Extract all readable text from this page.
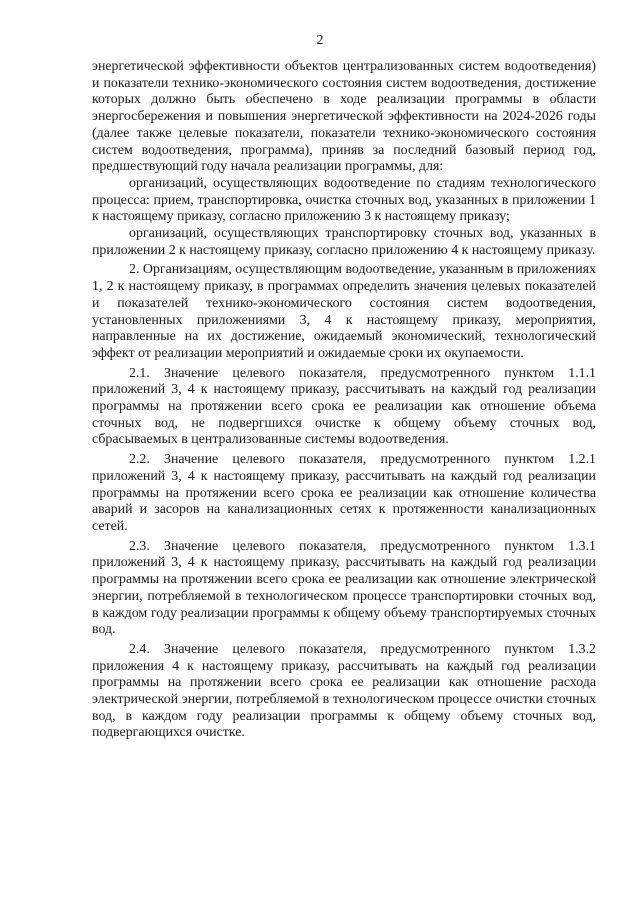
2

энергетической эффективности объектов централизованных систем водоотведения) и показатели технико-экономического состояния систем водоотведения, достижение которых должно быть обеспечено в ходе реализации программы в области энергосбережения и повышения энергетической эффективности на 2024-2026 годы (далее также целевые показатели, показатели технико-экономического состояния систем водоотведения, программа), приняв за последний базовый период год, предшествующий году начала реализации программы, для:

организаций, осуществляющих водоотведение по стадиям технологического процесса: прием, транспортировка, очистка сточных вод, указанных в приложении 1 к настоящему приказу, согласно приложению 3 к настоящему приказу;

организаций, осуществляющих транспортировку сточных вод, указанных в приложении 2 к настоящему приказу, согласно приложению 4 к настоящему приказу.

2. Организациям, осуществляющим водоотведение, указанным в приложениях 1, 2 к настоящему приказу, в программах определить значения целевых показателей и показателей технико-экономического состояния систем водоотведения, установленных приложениями 3, 4 к настоящему приказу, мероприятия, направленные на их достижение, ожидаемый экономический, технологический эффект от реализации мероприятий и ожидаемые сроки их окупаемости.

2.1. Значение целевого показателя, предусмотренного пунктом 1.1.1 приложений 3, 4 к настоящему приказу, рассчитывать на каждый год реализации программы на протяжении всего срока ее реализации как отношение объема сточных вод, не подвергшихся очистке к общему объему сточных вод, сбрасываемых в централизованные системы водоотведения.

2.2. Значение целевого показателя, предусмотренного пунктом 1.2.1 приложений 3, 4 к настоящему приказу, рассчитывать на каждый год реализации программы на протяжении всего срока ее реализации как отношение количества аварий и засоров на канализационных сетях к протяженности канализационных сетей.

2.3. Значение целевого показателя, предусмотренного пунктом 1.3.1 приложений 3, 4 к настоящему приказу, рассчитывать на каждый год реализации программы на протяжении всего срока ее реализации как отношение электрической энергии, потребляемой в технологическом процессе транспортировки сточных вод, в каждом году реализации программы к общему объему транспортируемых сточных вод.

2.4. Значение целевого показателя, предусмотренного пунктом 1.3.2 приложения 4 к настоящему приказу, рассчитывать на каждый год реализации программы на протяжении всего срока ее реализации как отношение расхода электрической энергии, потребляемой в технологическом процессе очистки сточных вод, в каждом году реализации программы к общему объему сточных вод, подвергающихся очистке.
